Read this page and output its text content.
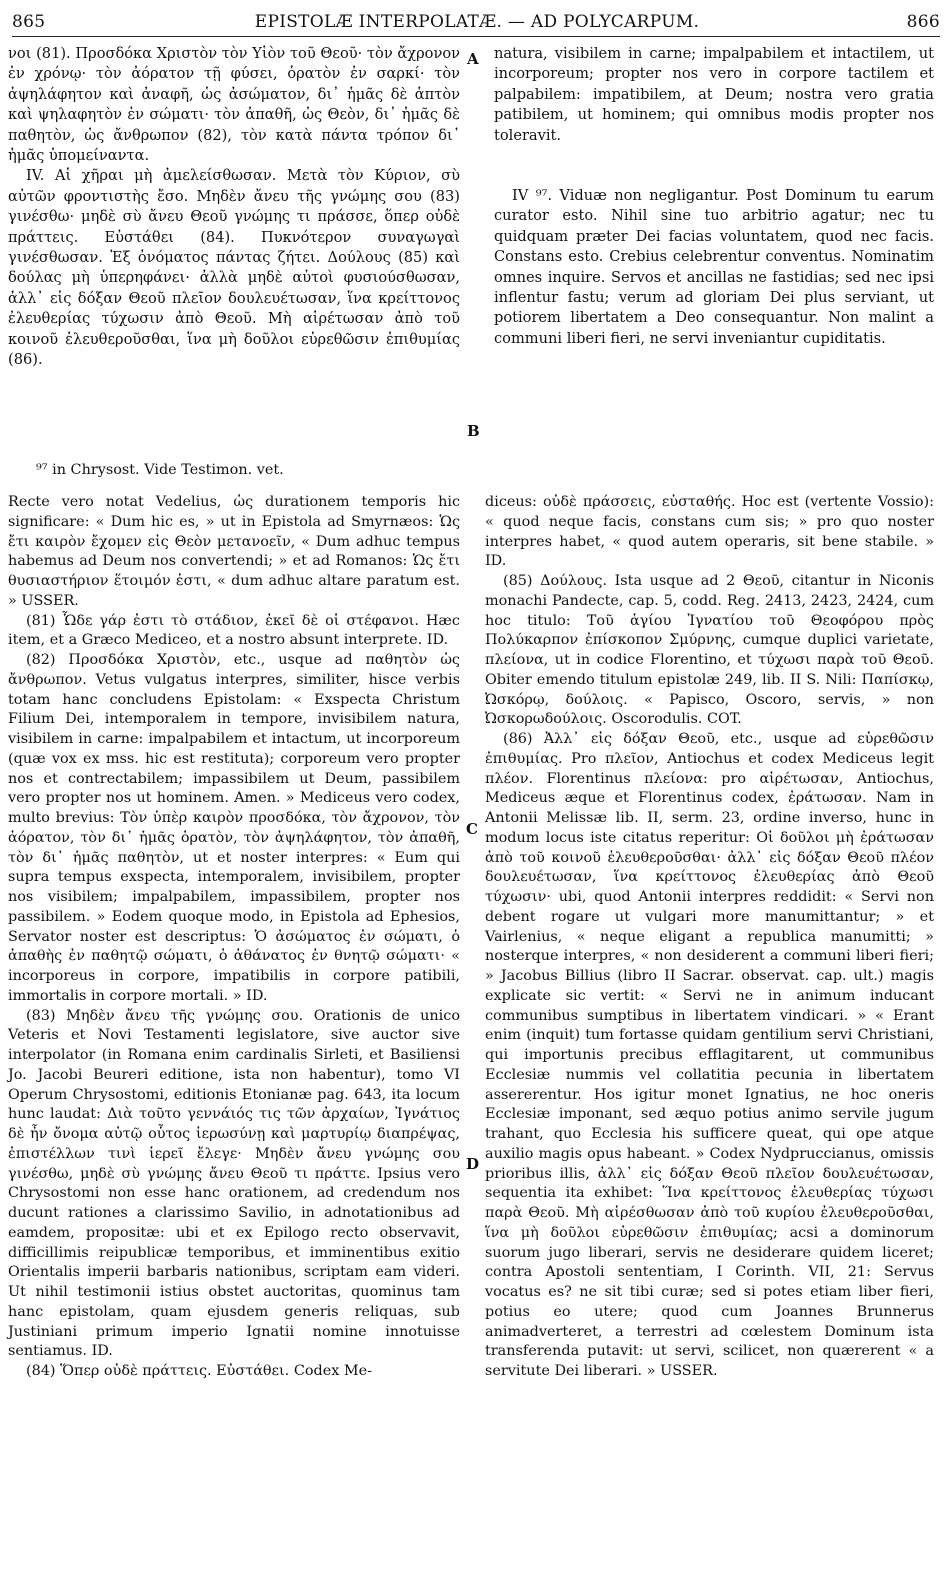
865	EPISTOLÆ INTERPOLATÆ. — AD POLYCARPUM.	866

νοι (81). Προσδόκα Χριστὸν τὸν Υἱὸν τοῦ Θεοῦ· τὸν ἄχρονον ἐν χρόνῳ· τὸν ἀόρατον τῇ φύσει, ὁρατὸν ἐν σαρκί· τὸν ἀψηλάφητον καὶ ἀναφῆ, ὡς ἀσώματον, δι᾽ ἡμᾶς δὲ ἁπτὸν καὶ ψηλαφητὸν ἐν σώματι· τὸν ἀπαθῆ, ὡς Θεὸν, δι᾽ ἡμᾶς δὲ παθητὸν, ὡς ἄνθρωπον (82), τὸν κατὰ πάντα τρόπον δι᾽ ἡμᾶς ὑπομείναντα.

IV. Αἱ χῆραι μὴ ἀμελείσθωσαν. Μετὰ τὸν Κύριον, σὺ αὐτῶν φροντιστὴς ἔσο. Μηδὲν ἄνευ τῆς γνώμης σου (83) γινέσθω· μηδὲ σὺ ἄνευ Θεοῦ γνώμης τι πράσσε, ὅπερ οὐδὲ πράττεις. Εὐστάθει (84). Πυκνότερον συναγωγαὶ γινέσθωσαν. Ἐξ ὀνόματος πάντας ζήτει. Δούλους (85) καὶ δούλας μὴ ὑπερηφάνει· ἀλλὰ μηδὲ αὐτοὶ φυσιούσθωσαν, ἀλλ᾽ εἰς δόξαν Θεοῦ πλεῖον δουλευέτωσαν, ἵνα κρείττονος ἐλευθερίας τύχωσιν ἀπὸ Θεοῦ. Μὴ αἱρέτωσαν ἀπὸ τοῦ κοινοῦ ἐλευθεροῦσθαι, ἵνα μὴ δοῦλοι εὑρεθῶσιν ἐπιθυμίας (86).

natura, visibilem in carne; impalpabilem et intactilem, ut incorporeum; propter nos vero in corpore tactilem et palpabilem: impatibilem, at Deum; nostra vero gratia patibilem, ut hominem; qui omnibus modis propter nos toleravit.

IV ⁹⁷. Viduæ non negligantur. Post Dominum tu earum curator esto. Nihil sine tuo arbitrio agatur; nec tu quidquam præter Dei facias voluntatem, quod nec facis. Constans esto. Crebius celebrentur conventus. Nominatim omnes inquire. Servos et ancillas ne fastidias; sed nec ipsi inflentur fastu; verum ad gloriam Dei plus serviant, ut potiorem libertatem a Deo consequantur. Non malint a communi liberi fieri, ne servi inveniantur cupiditatis.

A
B
C
D
⁹⁷ in Chrysost. Vide Testimon. vet.

Recte vero notat Vedelius, ὡς durationem temporis hic significare: « Dum hic es, » ut in Epistola ad Smyrnæos: Ὡς ἔτι καιρὸν ἔχομεν εἰς Θεὸν μετανοεῖν, « Dum adhuc tempus habemus ad Deum nos convertendi; » et ad Romanos: Ὡς ἔτι θυσιαστήριον ἕτοιμόν ἐστι, « dum adhuc altare paratum est. » USSER.

(81) Ὧδε γάρ ἐστι τὸ στάδιον, ἐκεῖ δὲ οἱ στέφανοι. Hæc item, et a Græco Mediceo, et a nostro absunt interprete. ID.

(82) Προσδόκα Χριστὸν, etc., usque ad παθητὸν ὡς ἄνθρωπον. Vetus vulgatus interpres, similiter, hisce verbis totam hanc concludens Epistolam: « Exspecta Christum Filium Dei, intemporalem in tempore, invisibilem natura, visibilem in carne: impalpabilem et intactum, ut incorporeum (quæ vox ex mss. hic est restituta); corporeum vero propter nos et contrectabilem; impassibilem ut Deum, passibilem vero propter nos ut hominem. Amen. » Mediceus vero codex, multo brevius: Τὸν ὑπὲρ καιρὸν προσδόκα, τὸν ἄχρονον, τὸν ἀόρατον, τὸν δι᾽ ἡμᾶς ὁρατὸν, τὸν ἀψηλάφητον, τὸν ἀπαθῆ, τὸν δι᾽ ἡμᾶς παθητὸν, ut et noster interpres: « Eum qui supra tempus exspecta, intemporalem, invisibilem, propter nos visibilem; impalpabilem, impassibilem, propter nos passibilem. » Eodem quoque modo, in Epistola ad Ephesios, Servator noster est descriptus: Ὁ ἀσώματος ἐν σώματι, ὁ ἀπαθὴς ἐν παθητῷ σώματι, ὁ ἀθάνατος ἐν θνητῷ σώματι· « incorporeus in corpore, impatibilis in corpore patibili, immortalis in corpore mortali. » ID.

(83) Μηδὲν ἄνευ τῆς γνώμης σου. Orationis de unico Veteris et Novi Testamenti legislatore, sive auctor sive interpolator (in Romana enim cardinalis Sirleti, et Basiliensi Jo. Jacobi Beureri editione, ista non habentur), tomo VI Operum Chrysostomi, editionis Etonianæ pag. 643, ita locum hunc laudat: Διὰ τοῦτο γεννάιός τις τῶν ἀρχαίων, Ἰγνάτιος δὲ ἦν ὄνομα αὐτῷ οὗτος ἱερωσύνῃ καὶ μαρτυρίῳ διαπρέψας, ἐπιστέλλων τινὶ ἱερεῖ ἔλεγε· Μηδὲν ἄνευ γνώμης σου γινέσθω, μηδὲ σὺ γνώμης ἄνευ Θεοῦ τι πράττε. Ipsius vero Chrysostomi non esse hanc orationem, ad credendum nos ducunt rationes a clarissimo Savilio, in adnotationibus ad eamdem, propositæ: ubi et ex Epilogo recto observavit, difficillimis reipublicæ temporibus, et imminentibus exitio Orientalis imperii barbaris nationibus, scriptam eam videri. Ut nihil testimonii istius obstet auctoritas, quominus tam hanc epistolam, quam ejusdem generis reliquas, sub Justiniani primum imperio Ignatii nomine innotuisse sentiamus. ID.

(84) Ὅπερ οὐδὲ πράττεις. Εὐστάθει. Codex Me-

diceus: οὐδὲ πράσσεις, εὐσταθής. Hoc est (vertente Vossio): « quod neque facis, constans cum sis; » pro quo noster interpres habet, « quod autem operaris, sit bene stabile. » ID.

(85) Δούλους. Ista usque ad 2 Θεοῦ, citantur in Niconis monachi Pandecte, cap. 5, codd. Reg. 2413, 2423, 2424, cum hoc titulo: Τοῦ ἁγίου Ἰγνατίου τοῦ Θεοφόρου πρὸς Πολύκαρπον ἐπίσκοπον Σμύρνης, cumque duplici varietate, πλείονα, ut in codice Florentino, et τύχωσι παρὰ τοῦ Θεοῦ. Obiter emendo titulum epistolæ 249, lib. II S. Nili: Παπίσκῳ, Ὠσκόρῳ, δούλοις. « Papisco, Oscoro, servis, » non Ὠσκορωδούλοις. Oscorodulis. COT.

(86) Ἀλλ᾽ εἰς δόξαν Θεοῦ, etc., usque ad εὑρεθῶσιν ἐπιθυμίας. Pro πλεῖον, Antiochus et codex Mediceus legit πλέον. Florentinus πλείονα: pro αἱρέτωσαν, Antiochus, Mediceus æque et Florentinus codex, ἐράτωσαν. Nam in Antonii Melissæ lib. II, serm. 23, ordine inverso, hunc in modum locus iste citatus reperitur: Οἱ δοῦλοι μὴ ἐράτωσαν ἀπὸ τοῦ κοινοῦ ἐλευθεροῦσθαι· ἀλλ᾽ εἰς δόξαν Θεοῦ πλέον δουλευέτωσαν, ἵνα κρείττονος ἐλευθερίας ἀπὸ Θεοῦ τύχωσιν· ubi, quod Antonii interpres reddidit: « Servi non debent rogare ut vulgari more manumittantur; » et Vairlenius, « neque eligant a republica manumitti; » nosterque interpres, « non desiderent a communi liberi fieri; » Jacobus Billius (libro II Sacrar. observat. cap. ult.) magis explicate sic vertit: « Servi ne in animum inducant communibus sumptibus in libertatem vindicari. » « Erant enim (inquit) tum fortasse quidam gentilium servi Christiani, qui importunis precibus efflagitarent, ut communibus Ecclesiæ nummis vel collatitia pecunia in libertatem assererentur. Hos igitur monet Ignatius, ne hoc oneris Ecclesiæ imponant, sed æquo potius animo servile jugum trahant, quo Ecclesia his sufficere queat, qui ope atque auxilio magis opus habeant. » Codex Nydpruccianus, omissis prioribus illis, ἀλλ᾽ εἰς δόξαν Θεοῦ πλεῖον δουλευέτωσαν, sequentia ita exhibet: Ἵνα κρείττονος ἐλευθερίας τύχωσι παρὰ Θεοῦ. Μὴ αἱρέσθωσαν ἀπὸ τοῦ κυρίου ἐλευθεροῦσθαι, ἵνα μὴ δοῦλοι εὑρεθῶσιν ἐπιθυμίας; acsi a dominorum suorum jugo liberari, servis ne desiderare quidem liceret; contra Apostoli sententiam, I Corinth. VII, 21: Servus vocatus es? ne sit tibi curæ; sed si potes etiam liber fieri, potius eo utere; quod cum Joannes Brunnerus animadverteret, a terrestri ad cœlestem Dominum ista transferenda putavit: ut servi, scilicet, non quærerent « a servitute Dei liberari. » USSER.
